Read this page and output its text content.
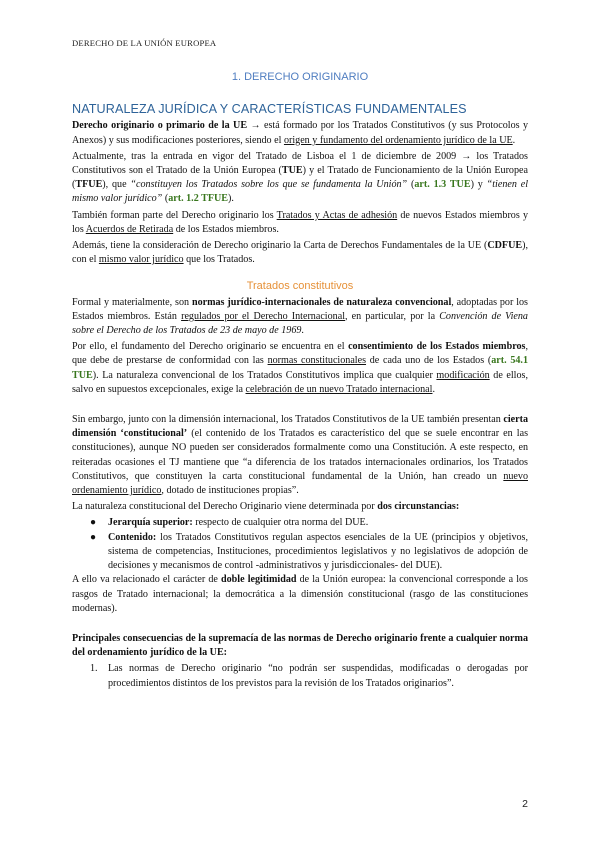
DERECHO DE LA UNIÓN EUROPEA
1. DERECHO ORIGINARIO
NATURALEZA JURÍDICA Y CARACTERÍSTICAS FUNDAMENTALES

Derecho originario o primario de la UE → está formado por los Tratados Constitutivos (y sus Protocolos y Anexos) y sus modificaciones posteriores, siendo el origen y fundamento del ordenamiento jurídico de la UE.

Actualmente, tras la entrada en vigor del Tratado de Lisboa el 1 de diciembre de 2009 → los Tratados Constitutivos son el Tratado de la Unión Europea (TUE) y el Tratado de Funcionamiento de la Unión Europea (TFUE), que “constituyen los Tratados sobre los que se fundamenta la Unión” (art. 1.3 TUE) y “tienen el mismo valor jurídico” (art. 1.2 TFUE).

También forman parte del Derecho originario los Tratados y Actas de adhesión de nuevos Estados miembros y los Acuerdos de Retirada de los Estados miembros.

Además, tiene la consideración de Derecho originario la Carta de Derechos Fundamentales de la UE (CDFUE), con el mismo valor jurídico que los Tratados.

Tratados constitutivos

Formal y materialmente, son normas jurídico-internacionales de naturaleza convencional, adoptadas por los Estados miembros. Están regulados por el Derecho Internacional, en particular, por la Convención de Viena sobre el Derecho de los Tratados de 23 de mayo de 1969.

Por ello, el fundamento del Derecho originario se encuentra en el consentimiento de los Estados miembros, que debe de prestarse de conformidad con las normas constitucionales de cada uno de los Estados (art. 54.1 TUE). La naturaleza convencional de los Tratados Constitutivos implica que cualquier modificación de ellos, salvo en supuestos excepcionales, exige la celebración de un nuevo Tratado internacional.

Sin embargo, junto con la dimensión internacional, los Tratados Constitutivos de la UE también presentan cierta dimensión ‘constitucional’ (el contenido de los Tratados es característico del que se suele encontrar en las constituciones), aunque NO pueden ser considerados formalmente como una Constitución. A este respecto, en reiteradas ocasiones el TJ mantiene que “a diferencia de los tratados internacionales ordinarios, los Tratados Constitutivos, que constituyen la carta constitucional fundamental de la Unión, han creado un nuevo ordenamiento jurídico, dotado de instituciones propias”.

La naturaleza constitucional del Derecho Originario viene determinada por dos circunstancias:

● Jerarquía superior: respecto de cualquier otra norma del DUE.
● Contenido: los Tratados Constitutivos regulan aspectos esenciales de la UE (principios y objetivos, sistema de competencias, Instituciones, procedimientos legislativos y no legislativos de adopción de decisiones y mecanismos de control -administrativos y jurisdiccionales- del DUE).

A ello va relacionado el carácter de doble legitimidad de la Unión europea: la convencional corresponde a los rasgos de Tratado internacional; la democrática a la dimensión constitucional (rasgo de las constituciones modernas).

Principales consecuencias de la supremacía de las normas de Derecho originario frente a cualquier norma del ordenamiento jurídico de la UE:

1. Las normas de Derecho originario “no podrán ser suspendidas, modificadas o derogadas por procedimientos distintos de los previstos para la revisión de los Tratados originarios”.
2
